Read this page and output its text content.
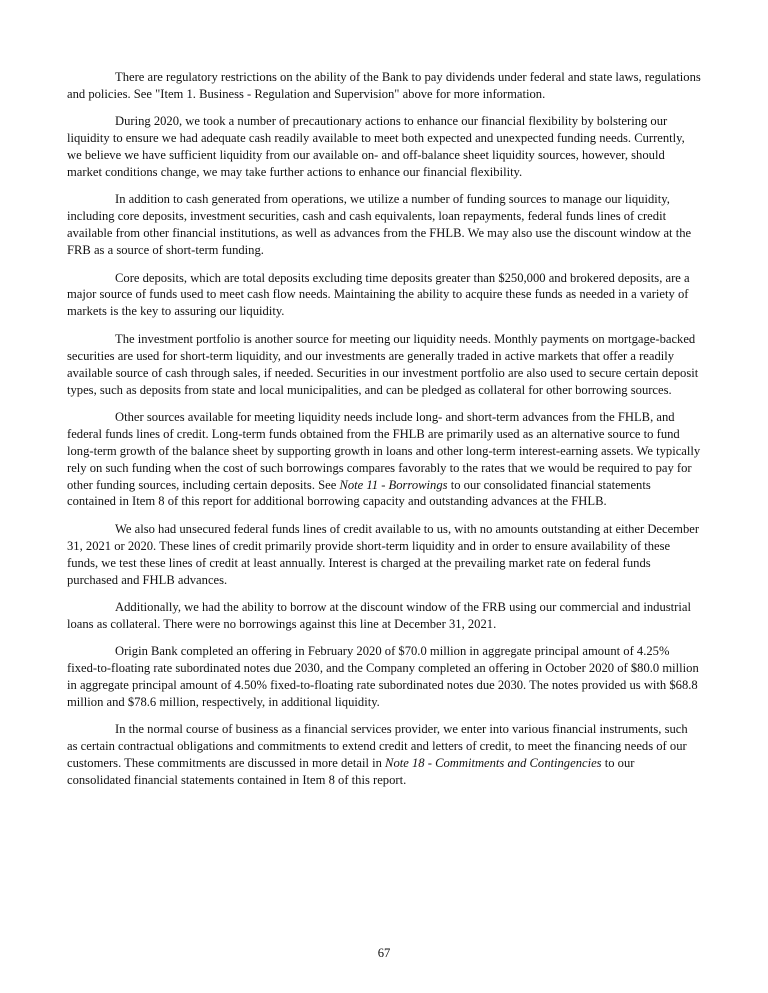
There are regulatory restrictions on the ability of the Bank to pay dividends under federal and state laws, regulations and policies. See "Item 1. Business - Regulation and Supervision" above for more information.

During 2020, we took a number of precautionary actions to enhance our financial flexibility by bolstering our liquidity to ensure we had adequate cash readily available to meet both expected and unexpected funding needs. Currently, we believe we have sufficient liquidity from our available on- and off-balance sheet liquidity sources, however, should market conditions change, we may take further actions to enhance our financial flexibility.

In addition to cash generated from operations, we utilize a number of funding sources to manage our liquidity, including core deposits, investment securities, cash and cash equivalents, loan repayments, federal funds lines of credit available from other financial institutions, as well as advances from the FHLB. We may also use the discount window at the FRB as a source of short-term funding.

Core deposits, which are total deposits excluding time deposits greater than $250,000 and brokered deposits, are a major source of funds used to meet cash flow needs. Maintaining the ability to acquire these funds as needed in a variety of markets is the key to assuring our liquidity.

The investment portfolio is another source for meeting our liquidity needs. Monthly payments on mortgage-backed securities are used for short-term liquidity, and our investments are generally traded in active markets that offer a readily available source of cash through sales, if needed. Securities in our investment portfolio are also used to secure certain deposit types, such as deposits from state and local municipalities, and can be pledged as collateral for other borrowing sources.

Other sources available for meeting liquidity needs include long- and short-term advances from the FHLB, and federal funds lines of credit. Long-term funds obtained from the FHLB are primarily used as an alternative source to fund long-term growth of the balance sheet by supporting growth in loans and other long-term interest-earning assets. We typically rely on such funding when the cost of such borrowings compares favorably to the rates that we would be required to pay for other funding sources, including certain deposits. See Note 11 - Borrowings to our consolidated financial statements contained in Item 8 of this report for additional borrowing capacity and outstanding advances at the FHLB.

We also had unsecured federal funds lines of credit available to us, with no amounts outstanding at either December 31, 2021 or 2020. These lines of credit primarily provide short-term liquidity and in order to ensure availability of these funds, we test these lines of credit at least annually. Interest is charged at the prevailing market rate on federal funds purchased and FHLB advances.

Additionally, we had the ability to borrow at the discount window of the FRB using our commercial and industrial loans as collateral. There were no borrowings against this line at December 31, 2021.

Origin Bank completed an offering in February 2020 of $70.0 million in aggregate principal amount of 4.25% fixed-to-floating rate subordinated notes due 2030, and the Company completed an offering in October 2020 of $80.0 million in aggregate principal amount of 4.50% fixed-to-floating rate subordinated notes due 2030. The notes provided us with $68.8 million and $78.6 million, respectively, in additional liquidity.

In the normal course of business as a financial services provider, we enter into various financial instruments, such as certain contractual obligations and commitments to extend credit and letters of credit, to meet the financing needs of our customers. These commitments are discussed in more detail in Note 18 - Commitments and Contingencies to our consolidated financial statements contained in Item 8 of this report.

67
